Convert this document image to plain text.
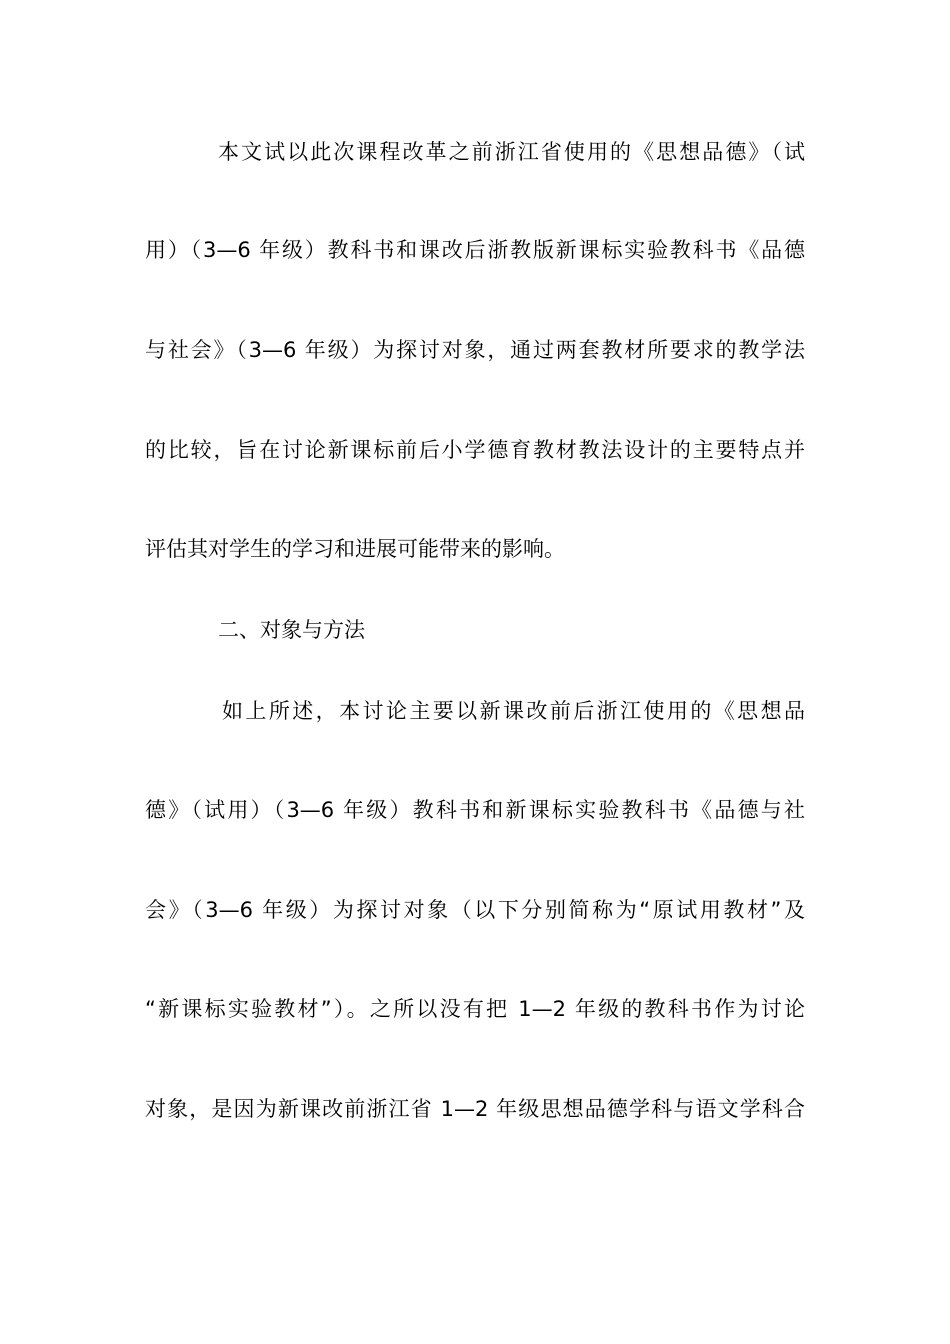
本文试以此次课程改革之前浙江省使用的《思想品德》（试
用）（3—6 年级）教科书和课改后浙教版新课标实验教科书《品德
与社会》（3—6 年级）为探讨对象，通过两套教材所要求的教学法
的比较，旨在讨论新课标前后小学德育教材教法设计的主要特点并
评估其对学生的学习和进展可能带来的影响。
二、对象与方法
如上所述，本讨论主要以新课改前后浙江使用的《思想品
德》（试用）（3—6 年级）教科书和新课标实验教科书《品德与社
会》（3—6 年级）为探讨对象（以下分别简称为“原试用教材”及
“新课标实验教材”）。之所以没有把 1—2 年级的教科书作为讨论
对象，是因为新课改前浙江省 1—2 年级思想品德学科与语文学科合
